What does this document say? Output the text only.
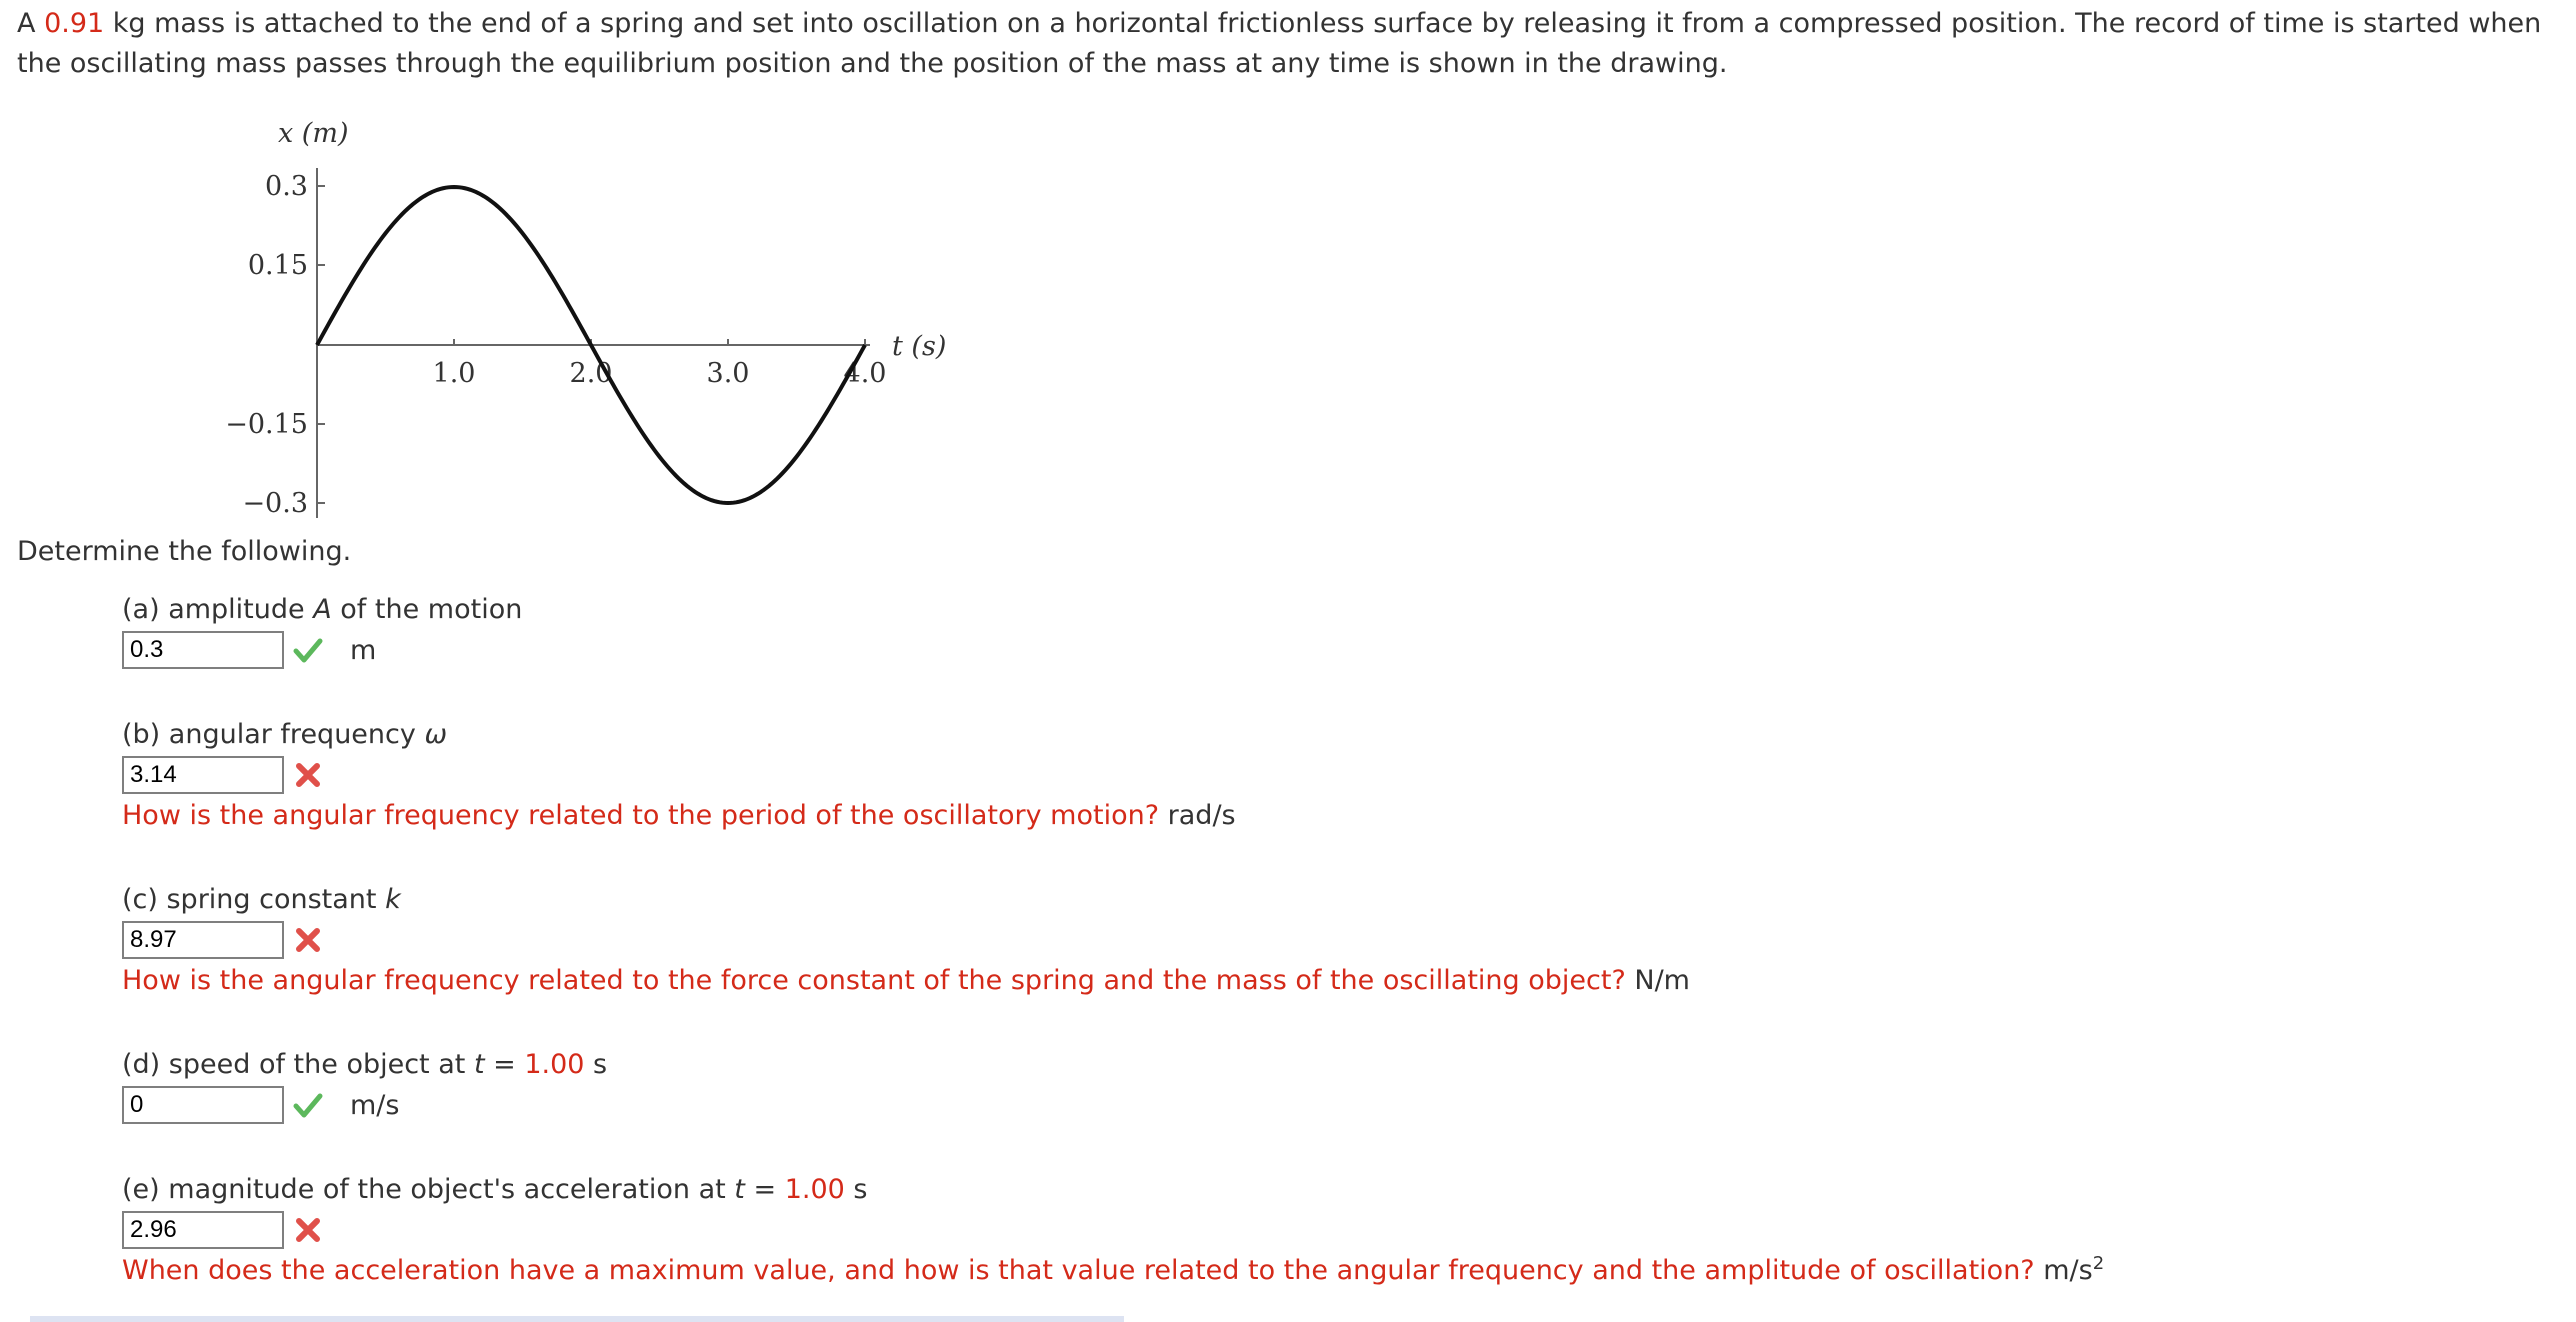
A 0.91 kg mass is attached to the end of a spring and set into oscillation on a horizontal frictionless surface by releasing it from a compressed position. The record of time is started when the oscillating mass passes through the equilibrium position and the position of the mass at any time is shown in the drawing.
x (m)
0.3
0.15
−0.15
−0.3
1.0	2.0	3.0	4.0
t (s)
Determine the following.
(a) amplitude A of the motion
0.3
m
(b) angular frequency ω
3.14
How is the angular frequency related to the period of the oscillatory motion? rad/s
(c) spring constant k
8.97
How is the angular frequency related to the force constant of the spring and the mass of the oscillating object? N/m
(d) speed of the object at t = 1.00 s
0
m/s
(e) magnitude of the object's acceleration at t = 1.00 s
2.96
When does the acceleration have a maximum value, and how is that value related to the angular frequency and the amplitude of oscillation? $m/s^2$
